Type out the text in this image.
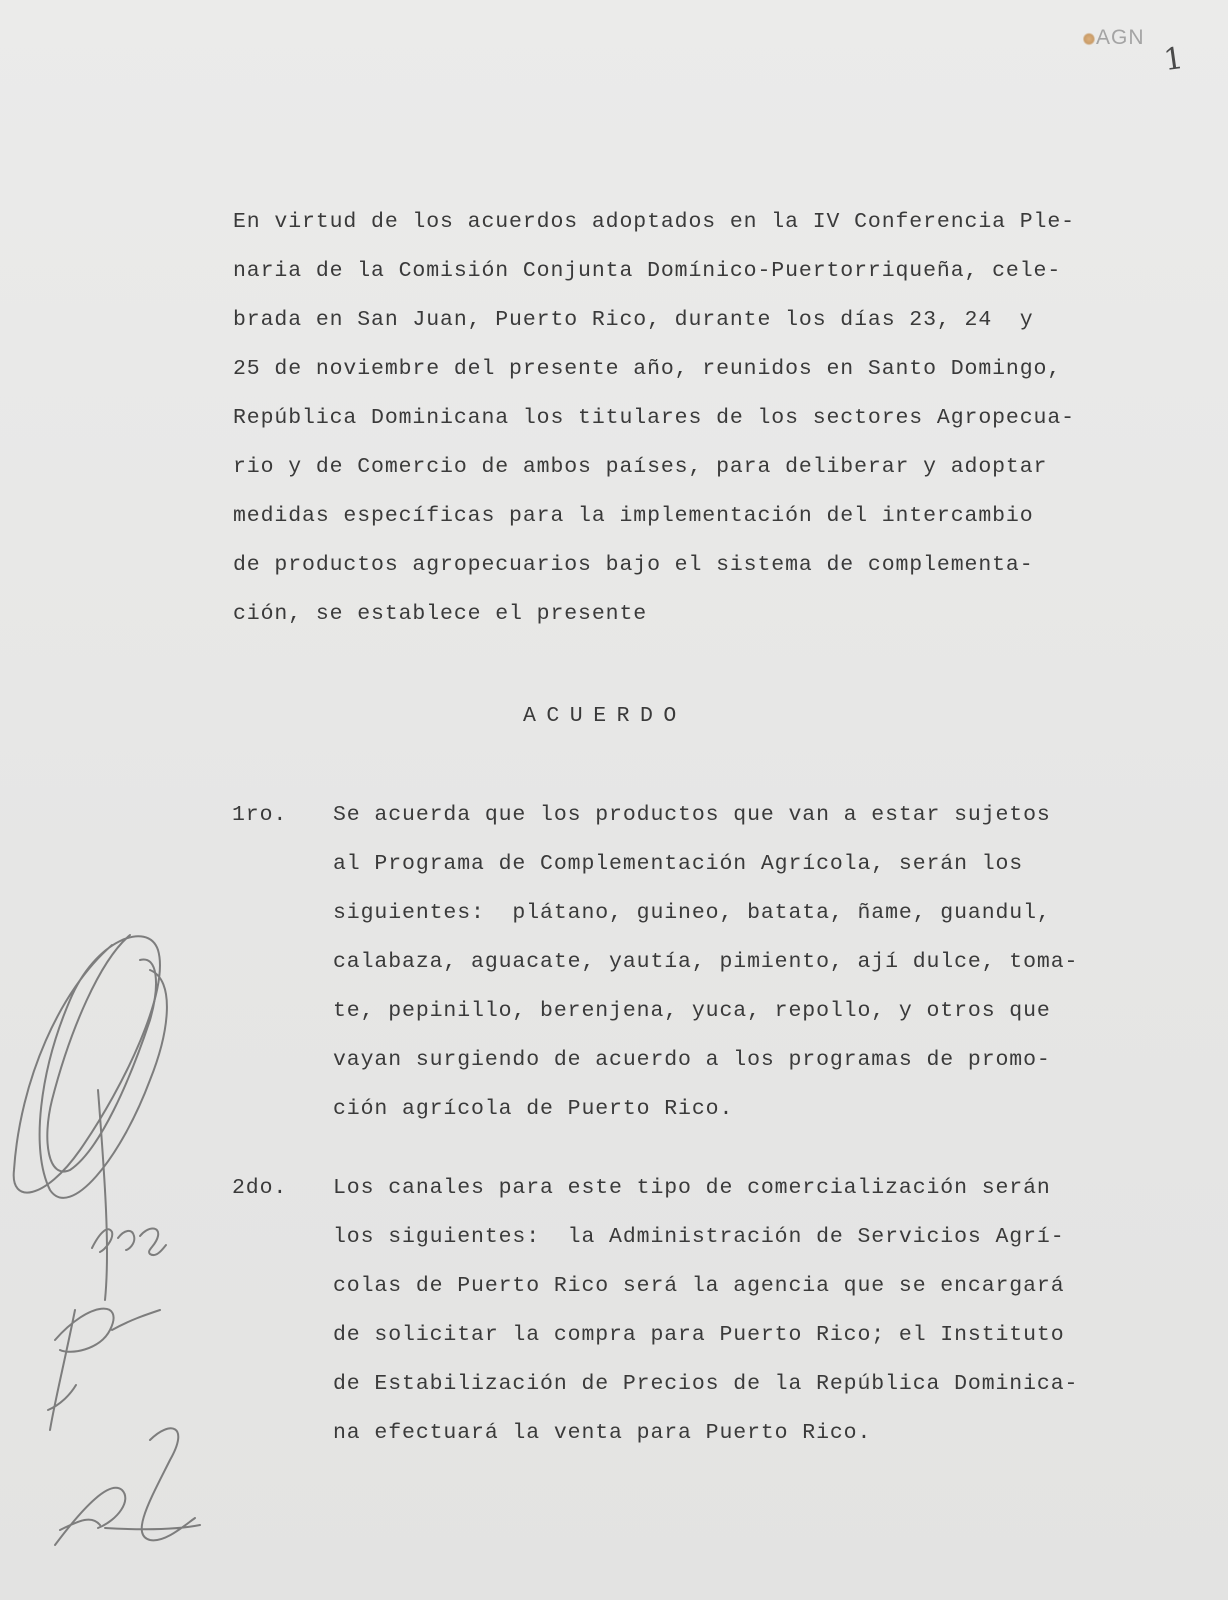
AGN
1
En virtud de los acuerdos adoptados en la IV Conferencia Ple-
naria de la Comisión Conjunta Domínico-Puertorriqueña, cele-
brada en San Juan, Puerto Rico, durante los días 23, 24  y
25 de noviembre del presente año, reunidos en Santo Domingo,
República Dominicana los titulares de los sectores Agropecua-
rio y de Comercio de ambos países, para deliberar y adoptar
medidas específicas para la implementación del intercambio
de productos agropecuarios bajo el sistema de complementa-
ción, se establece el presente
ACUERDO
1ro. Se acuerda que los productos que van a estar sujetos
al Programa de Complementación Agrícola, serán los
siguientes:  plátano, guineo, batata, ñame, guandul,
calabaza, aguacate, yautía, pimiento, ají dulce, toma-
te, pepinillo, berenjena, yuca, repollo, y otros que
vayan surgiendo de acuerdo a los programas de promo-
ción agrícola de Puerto Rico.
2do. Los canales para este tipo de comercialización serán
los siguientes:  la Administración de Servicios Agrí-
colas de Puerto Rico será la agencia que se encargará
de solicitar la compra para Puerto Rico; el Instituto
de Estabilización de Precios de la República Dominica-
na efectuará la venta para Puerto Rico.
